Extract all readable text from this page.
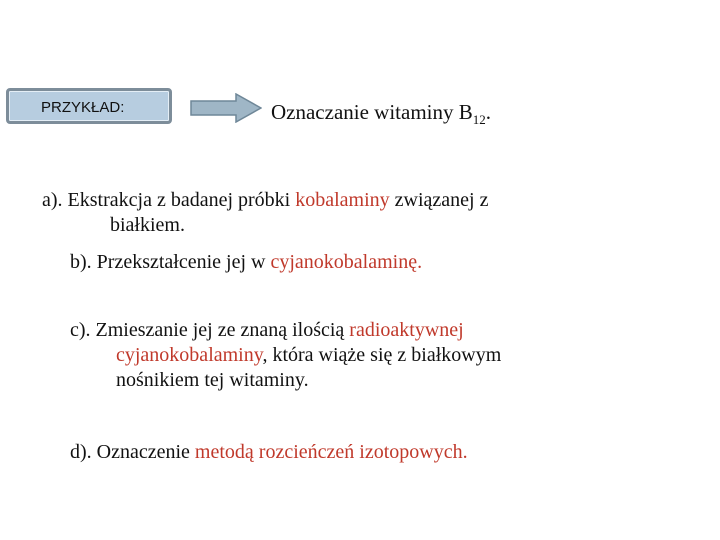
PRZYKŁAD:	Oznaczanie witaminy $B_{12}$.
a). Ekstrakcja z badanej próbki kobalaminy związanej z
białkiem.
b). Przekształcenie jej w cyjanokobalaminę.
c). Zmieszanie jej ze znaną ilością radioaktywnej
cyjanokobalaminy, która wiąże się z białkowym
nośnikiem tej witaminy.
d). Oznaczenie metodą rozcieńczeń izotopowych.
